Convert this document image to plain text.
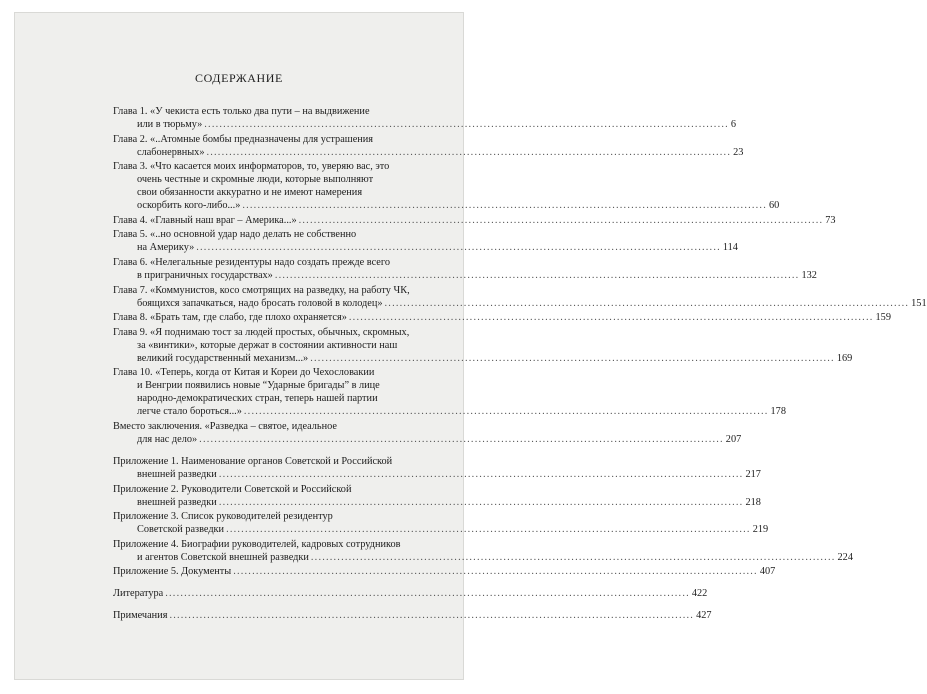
СОДЕРЖАНИЕ
Глава 1. «У чекиста есть только два пути – на выдвижение
или в тюрьму» .....	6
Глава 2. «..Атомные бомбы предназначены для устрашения
слабонервных» .....	23
Глава 3. «Что касается моих информаторов, то, уверяю вас, это
очень честные и скромные люди, которые выполняют
свои обязанности аккуратно и не имеют намерения
оскорбить кого-либо...» .....	60
Глава 4. «Главный наш враг – Америка...» .....	73
Глава 5. «..но основной удар надо делать не собственно
на Америку» .....	114
Глава 6. «Нелегальные резидентуры надо создать прежде всего
в приграничных государствах» .....	132
Глава 7. «Коммунистов, косо смотрящих на разведку, на работу ЧК,
боящихся запачкаться, надо бросать головой в колодец» .....	151
Глава 8. «Брать там, где слабо, где плохо охраняется» .....	159
Глава 9. «Я поднимаю тост за людей простых, обычных, скромных,
за «винтики», которые держат в состоянии активности наш
великий государственный механизм...» .....	169
Глава 10. «Теперь, когда от Китая и Кореи до Чехословакии
и Венгрии появились новые “Ударные бригады” в лице
народно-демократических стран, теперь нашей партии
легче стало бороться...» .....	178
Вместо заключения. «Разведка – святое, идеальное
для нас дело» .....	207
Приложение 1. Наименование органов Советской и Российской
внешней разведки .....	217
Приложение 2. Руководители Советской и Российской
внешней разведки .....	218
Приложение 3. Список руководителей резидентур
Советской разведки .....	219
Приложение 4. Биографии руководителей, кадровых сотрудников
и агентов Советской внешней разведки .....	224
Приложение 5. Документы .....	407
Литература .....	422
Примечания .....	427
